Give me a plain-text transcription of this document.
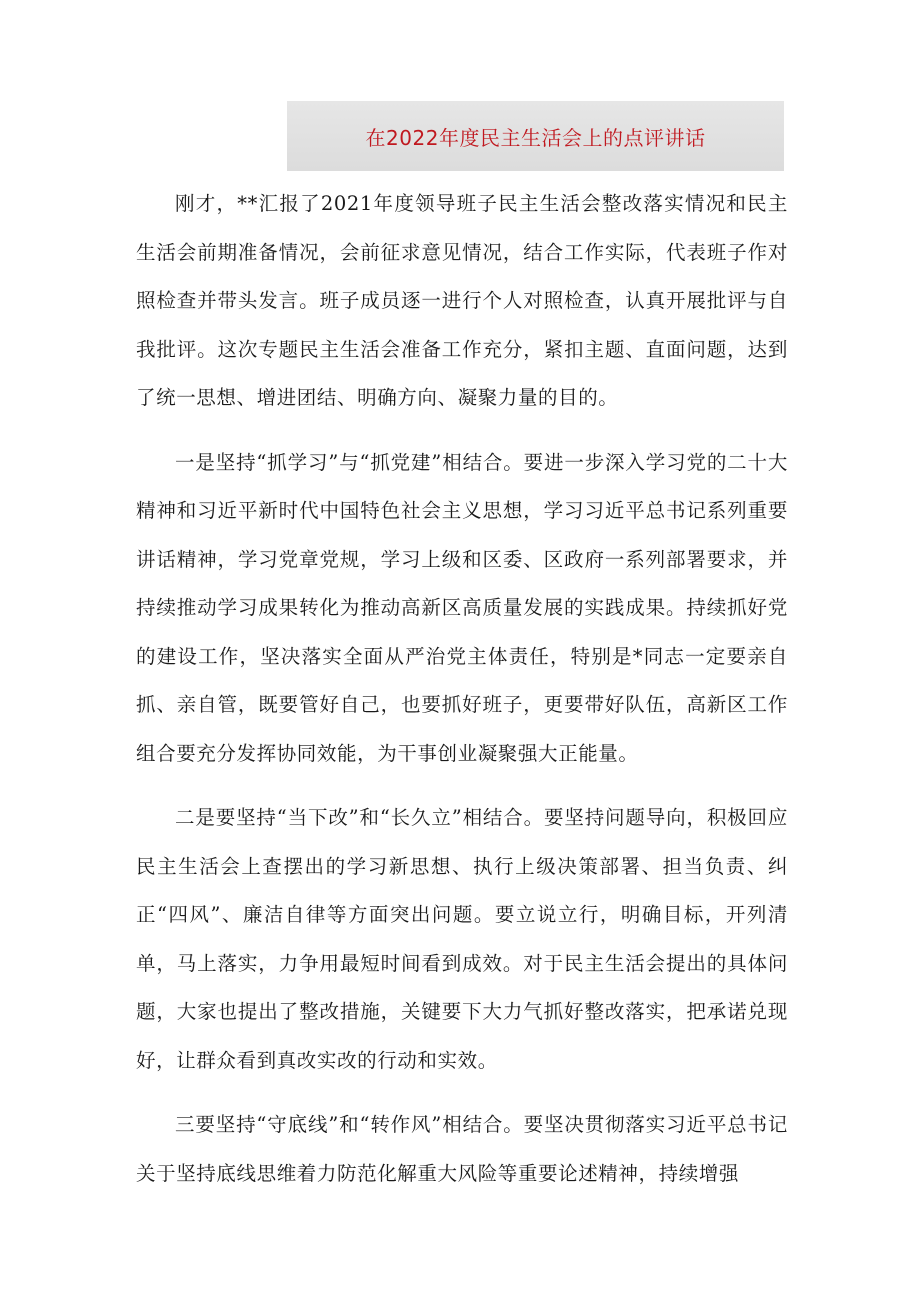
在2022年度民主生活会上的点评讲话

刚才，**汇报了2021年度领导班子民主生活会整改落实情况和民主生活会前期准备情况，会前征求意见情况，结合工作实际，代表班子作对照检查并带头发言。班子成员逐一进行个人对照检查，认真开展批评与自我批评。这次专题民主生活会准备工作充分，紧扣主题、直面问题，达到了统一思想、增进团结、明确方向、凝聚力量的目的。

一是坚持“抓学习”与“抓党建”相结合。要进一步深入学习党的二十大精神和习近平新时代中国特色社会主义思想，学习习近平总书记系列重要讲话精神，学习党章党规，学习上级和区委、区政府一系列部署要求，并持续推动学习成果转化为推动高新区高质量发展的实践成果。持续抓好党的建设工作，坚决落实全面从严治党主体责任，特别是*同志一定要亲自抓、亲自管，既要管好自己，也要抓好班子，更要带好队伍，高新区工作组合要充分发挥协同效能，为干事创业凝聚强大正能量。

二是要坚持“当下改”和“长久立”相结合。要坚持问题导向，积极回应民主生活会上查摆出的学习新思想、执行上级决策部署、担当负责、纠正“四风”、廉洁自律等方面突出问题。要立说立行，明确目标，开列清单，马上落实，力争用最短时间看到成效。对于民主生活会提出的具体问题，大家也提出了整改措施，关键要下大力气抓好整改落实，把承诺兑现好，让群众看到真改实改的行动和实效。

三要坚持“守底线”和“转作风”相结合。要坚决贯彻落实习近平总书记关于坚持底线思维着力防范化解重大风险等重要论述精神，持续增强
